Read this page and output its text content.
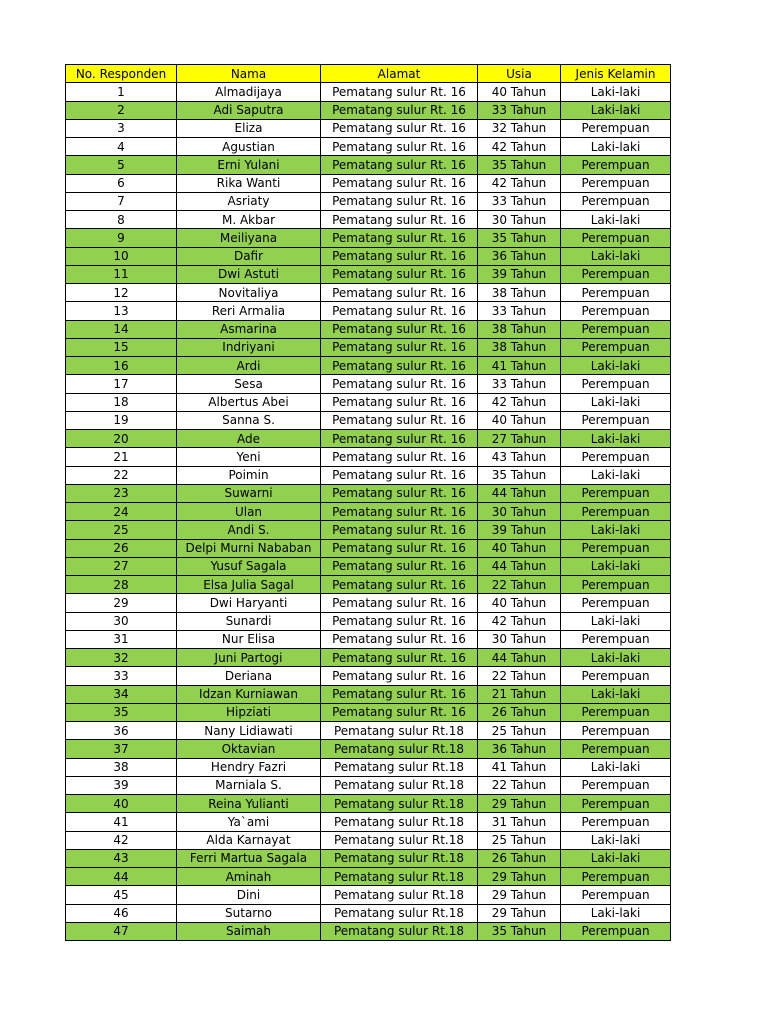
No. Responden	Nama	Alamat	Usia	Jenis Kelamin
1	Almadijaya	Pematang sulur Rt. 16	40 Tahun	Laki-laki
2	Adi Saputra	Pematang sulur Rt. 16	33 Tahun	Laki-laki
3	Eliza	Pematang sulur Rt. 16	32 Tahun	Perempuan
4	Agustian	Pematang sulur Rt. 16	42 Tahun	Laki-laki
5	Erni Yulani	Pematang sulur Rt. 16	35 Tahun	Perempuan
6	Rika Wanti	Pematang sulur Rt. 16	42 Tahun	Perempuan
7	Asriaty	Pematang sulur Rt. 16	33 Tahun	Perempuan
8	M. Akbar	Pematang sulur Rt. 16	30 Tahun	Laki-laki
9	Meiliyana	Pematang sulur Rt. 16	35 Tahun	Perempuan
10	Dafir	Pematang sulur Rt. 16	36 Tahun	Laki-laki
11	Dwi Astuti	Pematang sulur Rt. 16	39 Tahun	Perempuan
12	Novitaliya	Pematang sulur Rt. 16	38 Tahun	Perempuan
13	Reri Armalia	Pematang sulur Rt. 16	33 Tahun	Perempuan
14	Asmarina	Pematang sulur Rt. 16	38 Tahun	Perempuan
15	Indriyani	Pematang sulur Rt. 16	38 Tahun	Perempuan
16	Ardi	Pematang sulur Rt. 16	41 Tahun	Laki-laki
17	Sesa	Pematang sulur Rt. 16	33 Tahun	Perempuan
18	Albertus Abei	Pematang sulur Rt. 16	42 Tahun	Laki-laki
19	Sanna S.	Pematang sulur Rt. 16	40 Tahun	Perempuan
20	Ade	Pematang sulur Rt. 16	27 Tahun	Laki-laki
21	Yeni	Pematang sulur Rt. 16	43 Tahun	Perempuan
22	Poimin	Pematang sulur Rt. 16	35 Tahun	Laki-laki
23	Suwarni	Pematang sulur Rt. 16	44 Tahun	Perempuan
24	Ulan	Pematang sulur Rt. 16	30 Tahun	Perempuan
25	Andi S.	Pematang sulur Rt. 16	39 Tahun	Laki-laki
26	Delpi Murni Nababan	Pematang sulur Rt. 16	40 Tahun	Perempuan
27	Yusuf Sagala	Pematang sulur Rt. 16	44 Tahun	Laki-laki
28	Elsa Julia Sagal	Pematang sulur Rt. 16	22 Tahun	Perempuan
29	Dwi Haryanti	Pematang sulur Rt. 16	40 Tahun	Perempuan
30	Sunardi	Pematang sulur Rt. 16	42 Tahun	Laki-laki
31	Nur Elisa	Pematang sulur Rt. 16	30 Tahun	Perempuan
32	Juni Partogi	Pematang sulur Rt. 16	44 Tahun	Laki-laki
33	Deriana	Pematang sulur Rt. 16	22 Tahun	Perempuan
34	Idzan Kurniawan	Pematang sulur Rt. 16	21 Tahun	Laki-laki
35	Hipziati	Pematang sulur Rt. 16	26 Tahun	Perempuan
36	Nany Lidiawati	Pematang sulur Rt.18	25 Tahun	Perempuan
37	Oktavian	Pematang sulur Rt.18	36 Tahun	Perempuan
38	Hendry Fazri	Pematang sulur Rt.18	41 Tahun	Laki-laki
39	Marniala S.	Pematang sulur Rt.18	22 Tahun	Perempuan
40	Reina Yulianti	Pematang sulur Rt.18	29 Tahun	Perempuan
41	Ya`ami	Pematang sulur Rt.18	31 Tahun	Perempuan
42	Alda Karnayat	Pematang sulur Rt.18	25 Tahun	Laki-laki
43	Ferri Martua Sagala	Pematang sulur Rt.18	26 Tahun	Laki-laki
44	Aminah	Pematang sulur Rt.18	29 Tahun	Perempuan
45	Dini	Pematang sulur Rt.18	29 Tahun	Perempuan
46	Sutarno	Pematang sulur Rt.18	29 Tahun	Laki-laki
47	Saimah	Pematang sulur Rt.18	35 Tahun	Perempuan
